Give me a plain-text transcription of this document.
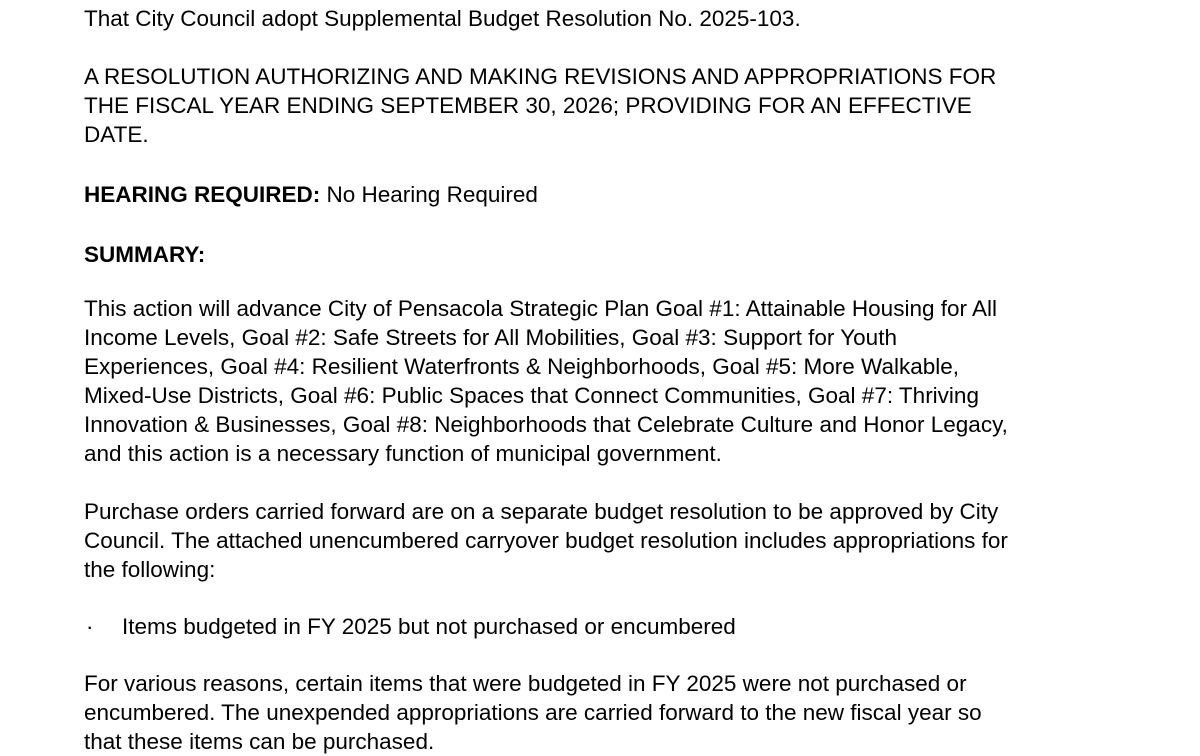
That City Council adopt Supplemental Budget Resolution No. 2025-103.

A RESOLUTION AUTHORIZING AND MAKING REVISIONS AND APPROPRIATIONS FOR
THE FISCAL YEAR ENDING SEPTEMBER 30, 2026; PROVIDING FOR AN EFFECTIVE
DATE.

HEARING REQUIRED: No Hearing Required

SUMMARY:

This action will advance City of Pensacola Strategic Plan Goal #1: Attainable Housing for All
Income Levels, Goal #2: Safe Streets for All Mobilities, Goal #3: Support for Youth
Experiences, Goal #4: Resilient Waterfronts & Neighborhoods, Goal #5: More Walkable,
Mixed-Use Districts, Goal #6: Public Spaces that Connect Communities, Goal #7: Thriving
Innovation & Businesses, Goal #8: Neighborhoods that Celebrate Culture and Honor Legacy,
and this action is a necessary function of municipal government.

Purchase orders carried forward are on a separate budget resolution to be approved by City
Council. The attached unencumbered carryover budget resolution includes appropriations for
the following:

·	Items budgeted in FY 2025 but not purchased or encumbered

For various reasons, certain items that were budgeted in FY 2025 were not purchased or
encumbered. The unexpended appropriations are carried forward to the new fiscal year so
that these items can be purchased.
